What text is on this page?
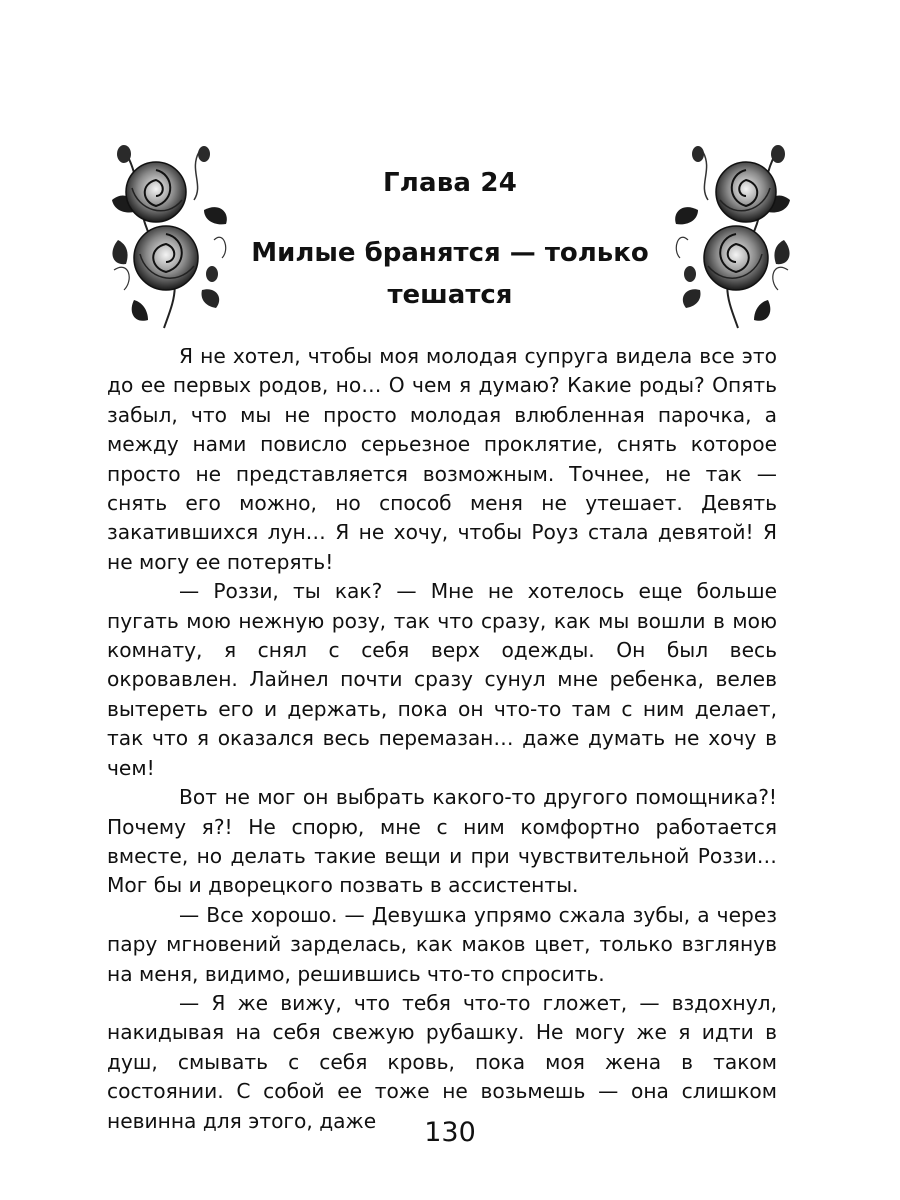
Глава 24
Милые бранятся — только тешатся

Я не хотел, чтобы моя молодая супруга видела все это до ее первых родов, но… О чем я думаю? Какие роды? Опять забыл, что мы не просто молодая влюбленная парочка, а между нами повисло серьезное проклятие, снять которое просто не представляется возможным. Точнее, не так — снять его можно, но способ меня не утешает. Девять закатившихся лун… Я не хочу, чтобы Роуз стала девятой! Я не могу ее потерять!

— Роззи, ты как? — Мне не хотелось еще больше пугать мою нежную розу, так что сразу, как мы вошли в мою комнату, я снял с себя верх одежды. Он был весь окровавлен. Лайнел почти сразу сунул мне ребенка, велев вытереть его и держать, пока он что-то там с ним делает, так что я оказался весь перемазан… даже думать не хочу в чем!

Вот не мог он выбрать какого-то другого помощника?! Почему я?! Не спорю, мне с ним комфортно работается вместе, но делать такие вещи и при чувствительной Роззи… Мог бы и дворецкого позвать в ассистенты.

— Все хорошо. — Девушка упрямо сжала зубы, а через пару мгновений зарделась, как маков цвет, только взглянув на меня, видимо, решившись что-то спросить.

— Я же вижу, что тебя что-то гложет, — вздохнул, накидывая на себя свежую рубашку. Не могу же я идти в душ, смывать с себя кровь, пока моя жена в таком состоянии. С собой ее тоже не возьмешь — она слишком невинна для этого, даже	130
